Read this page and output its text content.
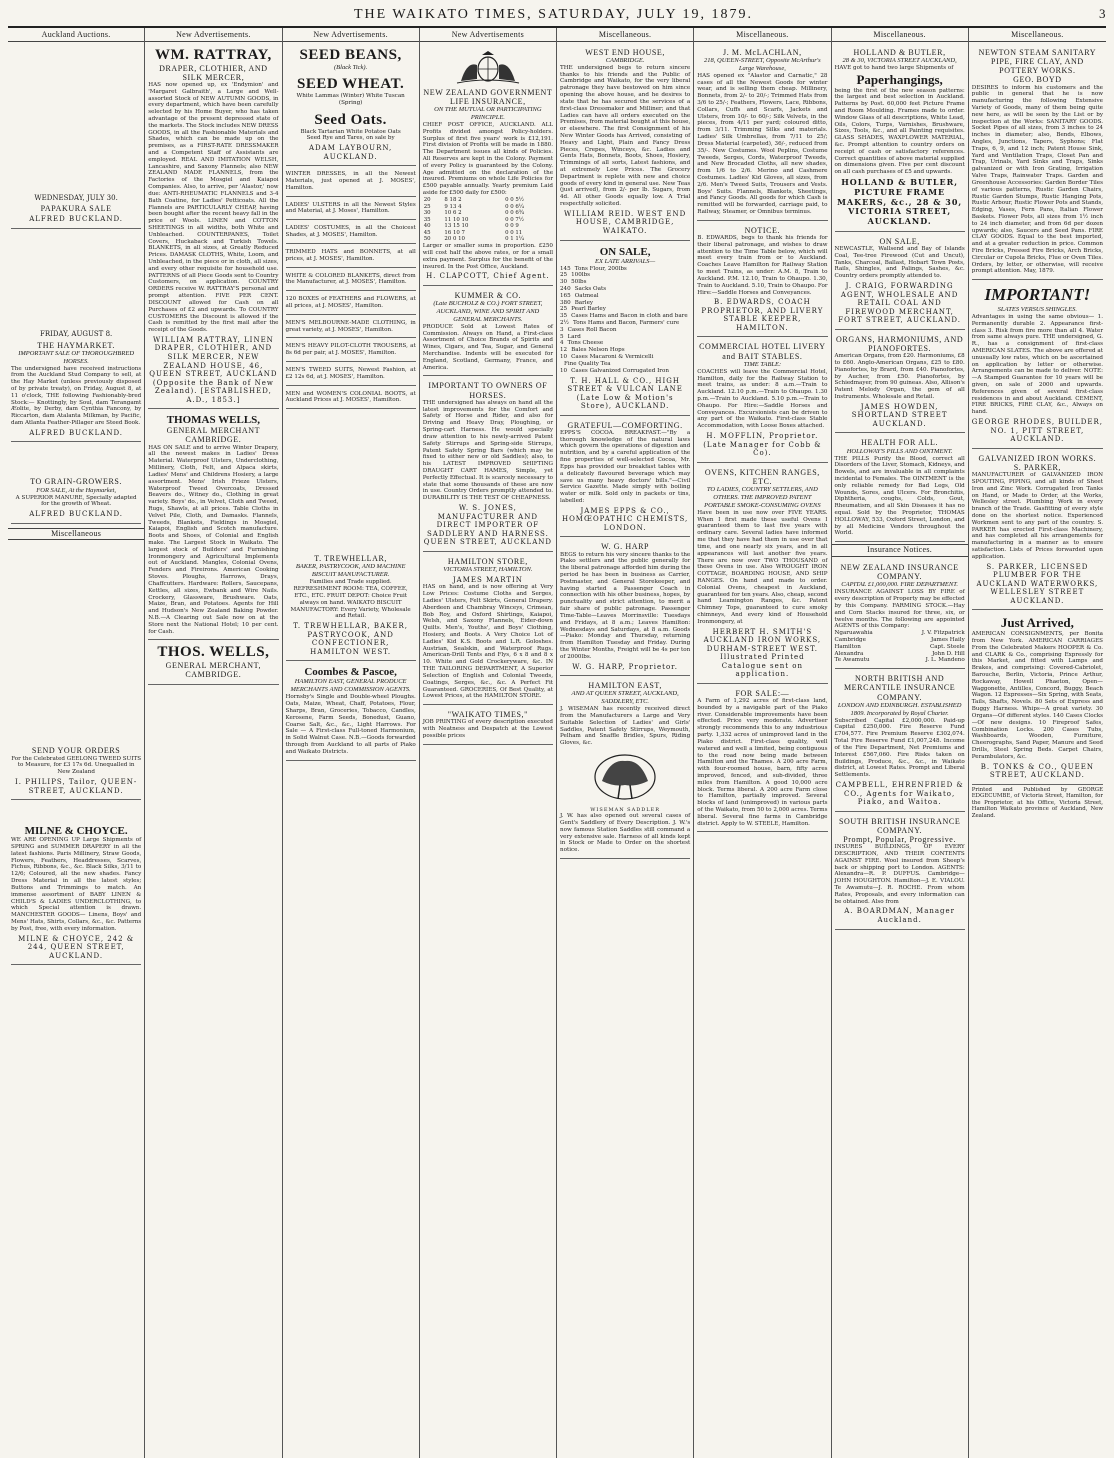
THE WAIKATO TIMES, SATURDAY, JULY 19, 1879.	3
Auckland Auctions.
WEDNESDAY, JULY 30.
PAPAKURA SALE
ALFRED BUCKLAND.
FRIDAY, AUGUST 8.
THE HAYMARKET.
IMPORTANT SALE OF THOROUGHBRED HORSES.
The undersigned have received instructions from the Auckland Stud Company to sell, at the Hay Market (unless previously disposed of by private treaty), on Friday, August 8, at 11 o'clock, THE following Fashionably-bred Stock:— Knottingly, by Soul, dam Terangamt Æolite, by Derby, dam Cynthia Fancony, by Riccarton, dam Atalanta Milkman, by Pacific, dam Atlanta Feather-Pillager are Steed Book.
ALFRED BUCKLAND.
TO GRAIN-GROWERS.
FOR SALE, At the Haymarket,
A SUPERIOR MANURE, Specially adapted for the growth of Wheat.
ALFRED BUCKLAND.
Miscellaneous
SEND YOUR ORDERS
For the Celebrated GEELONG TWEED SUITS to Measure, for £3 17s 6d. Unequalled in New Zealand
I. PHILIPS, Tailor, QUEEN-STREET, AUCKLAND.
MILNE & CHOYCE.
WE ARE OPENING UP Large Shipments of SPRING and SUMMER DRAPERY in all the latest fashions. Paris Millinery, Straw Goods, Flowers, Feathers, Headdresses, Scarves, Fichus, Ribbons, &c., &c. Black Silks, 3/11 to 12/6; Coloured, all the new shades. Fancy Dress Material in all the latest styles; Buttons and Trimmings to match. An immense assortment of BABY LINEN & CHILD'S & LADIES UNDERCLOTHING, to which Special attention is drawn. MANCHESTER GOODS— Linens, Boys' and Mens' Hats, Shirts, Collars, &c., &c. Patterns by Post, free, with every information.
MILNE & CHOYCE, 242 & 244, QUEEN STREET, AUCKLAND.
New Advertisements.
WM. RATTRAY,
DRAPER, CLOTHIER, AND SILK MERCER,
HAS now opened up, ex 'Endymion' and 'Margaret Galbraith', a Large and Well-assorted Stock of NEW AUTUMN GOODS, in every department, which have been carefully selected by his Home Buyer, who has taken advantage of the present depressed state of the markets. The Stock includes NEW DRESS GOODS, in all the Fashionable Materials and Shades, which can be made up on the premises, as a FIRST-RATE DRESSMAKER and a Competent Staff of Assistants are employed. REAL AND IMITATION WELSH, Lancashire, and Saxony Flannels; also NEW ZEALAND MADE FLANNELS, from the Factories of the Mosgiel and Kaiapoi Companies. Also, to arrive, per 'Alastor,' now due: ANTI-RHEUMATIC FLANNELS and 3-4 Bath Coatine, for Ladies' Petticoats. All the Flannels are PARTICULARLY CHEAP, having been bought after the recent heavy fall in the price of Wools. LINEN and COTTON SHEETINGS in all widths, both White and Unbleached. COUNTERPANES, Toilet Covers, Huckaback and Turkish Towels. BLANKETS, in all sizes, at Greatly Reduced Prices. DAMASK CLOTHS, White, Loom, and Unbleached, in the piece or in cloth, all sizes, and every other requisite for household use. PATTERNS of all Piece Goods sent to Country Customers, on application. COUNTRY ORDERS receive W. RATTRAY'S personal and prompt attention. FIVE PER CENT. DISCOUNT allowed for Cash on all Purchases of £2 and upwards. To COUNTRY CUSTOMERS the Discount is allowed if the Cash is remitted by the first mail after the receipt of the Goods.
WILLIAM RATTRAY, LINEN DRAPER, CLOTHIER, AND SILK MERCER, NEW ZEALAND HOUSE, 46, QUEEN STREET, AUCKLAND (Opposite the Bank of New Zealand). [ESTABLISHED, A.D., 1853.]
THOMAS WELLS,
GENERAL MERCHANT CAMBRIDGE.
HAS ON SALE and to arrive Winter Drapery, all the newest makes in Ladies' Dress Material. Waterproof Ulsters, Underclothing, Millinery, Cloth, Felt, and Alpaca skirts, Ladies' Mens' and Childrens Hosiery, a large assortment. Mens' Irish Frieze Ulsters, Waterproof Tweed Overcoats, Dressed Beavers do., Witney do., Clothing in great variety. Boys' do., in Velvet, Cloth and Tweed, Rugs, Shawls, at all prices. Table Cloths in Velvet Pile, Cloth, and Damasks. Flannels, Tweeds, Blankets, Fieldings in Mosgiel, Kaiapoi, English and Scotch manufacture. Boots and Shoes, of Colonial and English make. The Largest Stock in Waikato. The largest stock of Builders' and Furnishing Ironmongery and Agricultural Implements out of Auckland. Mangles, Colonial Ovens, Fenders and Fireirons. American Cooking Stoves. Ploughs, Harrows, Drays, Chaffcutters. Hardware: Rollers, Saucepans, Kettles, all sizes, Ewbank and Wire Nails. Crockery, Glassware, Brushware. Oats, Maize, Bran, and Potatoes. Agents for Hill and Hudson's New Zealand Baking Powder. N.B.—A Clearing out Sale now on at the Store next the National Hotel; 10 per cent. for Cash.
THOS. WELLS,
GENERAL MERCHANT, CAMBRIDGE.
New Advertisements.
SEED BEANS,
(Black Tick).
SEED WHEAT.
White Lammas (Winter) White Tuscan (Spring)
Seed Oats.
Black Tartarian White Potatoe Oats
Seed Rye and Tares, on sale by
ADAM LAYBOURN, AUCKLAND.
WINTER DRESSES, in all the Newest Materials, just opened at J. MOSES', Hamilton.
LADIES' ULSTERS in all the Newest Styles and Material, at J. Moses', Hamilton.
LADIES' COSTUMES, in all the Choicest Shades, at J. MOSES', Hamilton.
TRIMMED HATS and BONNETS, at all prices, at J. MOSES', Hamilton.
WHITE & COLORED BLANKETS, direct from the Manufacturer, at J. MOSES', Hamilton.
120 BOXES of FEATHERS and FLOWERS, at all prices, at J. MOSES', Hamilton.
MEN'S MELBOURNE-MADE CLOTHING, in great variety, at J. MOSES', Hamilton.
MEN'S HEAVY PILOT-CLOTH TROUSERS, at 8s 6d per pair, at J. MOSES', Hamilton.
MEN'S TWEED SUITS, Newest Fashion, at £2 12s 6d, at J. MOSES', Hamilton.
MEN and WOMEN'S COLONIAL BOOTS, at Auckland Prices at J. MOSES', Hamilton.
T. TREWHELLAR,
BAKER, PASTRYCOOK, AND MACHINE BISCUIT MANUFACTURER.
Families and Trade supplied. REFRESHMENT ROOM: TEA, COFFEE, ETC., ETC. FRUIT DEPOT: Choice Fruit always on hand. WAIKATO BISCUIT MANUFACTORY: Every Variety, Wholesale and Retail.
T. TREWHELLAR, BAKER, PASTRYCOOK, AND CONFECTIONER, HAMILTON WEST.
Coombes & Pascoe,
HAMILTON EAST, GENERAL PRODUCE MERCHANTS AND COMMISSION AGENTS.
Hornsby's Single and Double-wheel Ploughs. Oats, Maize, Wheat, Chaff, Potatoes, Flour, Sharps, Bran, Groceries, Tobacco, Candles, Kerosene, Farm Seeds, Bonedust, Guano, Coarse Salt, &c., &c., Light Harrows. For Sale — A First-class Full-toned Harmonium, in Solid Walnut Case. N.B.—Goods forwarded through from Auckland to all parts of Piako and Waikato Districts.
New Advertisements
NEW ZEALAND GOVERNMENT LIFE INSURANCE,
ON THE MUTUAL OR PARTICIPATING PRINCIPLE.
CHIEF POST OFFICE, AUCKLAND. ALL Profits divided amongst Policy-holders. Surplus of first five years' work is £12,191. First division of Profits will be made in 1880. The Department issues all kinds of Policies. All Reserves are kept in the Colony. Payment of every Policy is guaranteed by the Colony. Age admitted on the declaration of the insured. Premiums on whole Life Policies for £500 payable annually. Yearly premium Laid aside for £500 daily for £500:
20	8 18 2	0 0 5½
25	9 13 4	0 0 6¼
30	10 6 2	0 0 6¾
35	11 10 10	0 0 7½
40	13 15 10	0 0 9
45	16 10 7	0 0 11
50	20 0 10	0 1 1¼
Larger or smaller sums in proportion. £250 will cost half the above rates, or for a small extra payment. Surplus for the benefit of the insured. In the Post Office, Auckland.
H. CLAPCOTT, Chief Agent.
KUMMER & CO.
(Late BUCHOLZ & CO.) FORT STREET, AUCKLAND, WINE AND SPIRIT AND GENERAL MERCHANTS.
PRODUCE Sold at Lowest Rates of Commission. Always on Hand, a First-class Assortment of Choice Brands of Spirits and Wines, Cigars, and Tea, Sugar, and General Merchandise. Indents will be executed for England, Scotland, Germany, France, and America.
IMPORTANT TO OWNERS OF HORSES.
THE undersigned has always on hand all the latest improvements for the Comfort and Safety of Horse and Rider, and also for Driving and Heavy Dray, Ploughing, or Spring-cart Harness. He would specially draw attention to his newly-arrived Patent Safety Stirrups and Spring-side Stirrups, Patent Safety Spring Bars (which may be fixed to either new or old Saddles); also, to his LATEST IMPROVED SHIFTING DRAUGHT CART HAMES, Simple, yet Perfectly Effectual. It is scarcely necessary to state that some thousands of these are now in use. Country Orders promptly attended to. DURABILITY IS THE TEST OF CHEAPNESS.
W. S. JONES, MANUFACTURER AND DIRECT IMPORTER OF SADDLERY AND HARNESS. QUEEN STREET, AUCKLAND
HAMILTON STORE,
VICTORIA STREET, HAMILTON.
JAMES MARTIN
HAS on hand, and is now offering at Very Low Prices: Costume Cloths and Serges, Ladies' Ulsters, Felt Skirts, General Drapery. Aberdeen and Chambray Winceys, Crimean, Bob Roy, and Oxford Shirtings, Kaiapoi, Welsh, and Saxony Flannels, Eider-down Quilts. Men's, Youths', and Boys' Clothing, Hosiery, and Boots. A Very Choice Lot of Ladies' Kid K.S. Boots and L.R. Goloshes. Austrian, Sealskin, and Waterproof Rugs. American-Drill Tents and Flys, 6 x 8 and 8 x 10. White and Gold Crockeryware, &c. IN THE TAILORING DEPARTMENT, A Superior Selection of English and Colonial Tweeds, Coatings, Serges, &c., &c. A Perfect Fit Guaranteed. GROCERIES, Of Best Quality, at Lowest Prices, at the HAMILTON STORE.
"WAIKATO TIMES,"
JOB PRINTING of every description executed with Neatness and Despatch at the Lowest possible prices
Miscellaneous.
WEST END HOUSE,
CAMBRIDGE.
THE undersigned begs to return sincere thanks to his friends and the Public of Cambridge and Waikato, for the very liberal patronage they have bestowed on him since opening the above house, and he desires to state that he has secured the services of a first-class Dressmaker and Milliner; and that Ladies can have all orders executed on the Premises, from material bought at this house, or elsewhere. The first Consignment of his New Winter Goods has Arrived, consisting of Heavy and Light, Plain and Fancy Dress Pieces, Crepes, Winceys, &c. Ladies and Gents Hats, Bonnets, Boots, Shoes, Hosiery, Trimmings of all sorts, Latest fashions, and at extremely Low Prices. The Grocery Department is replete with new and choice goods of every kind in general use. New Teas (just arrived), from 2/- per lb. Sugars, from 4d. All other Goods equally low. A Trial respectfully solicited.
WILLIAM REID. WEST END HOUSE, CAMBRIDGE, WAIKATO.
ON SALE,
EX LATE ARRIVALS—
145 Tons Flour, 200lbs
25 100lbs
30 50lbs
240 Sacks Oats
165 Oatmeal
380 Barley
25 Pearl Barley
35 Cases Hams and Bacon in cloth and bare
2½ Tons Hams and Bacon, Farmers' cure
3 Cases Roll Bacon
5 Lard
4 Tons Cheese
12 Bales Nelson Hops
10 Cases Macaroni & Vermicelli
Fine Quality Tea
10 Cases Galvanized Corrugated Iron
T. H. HALL & CO., HIGH STREET & VULCAN LANE (Late Low & Motion's Store), AUCKLAND.
GRATEFUL—COMFORTING.
EPPS'S COCOA. BREAKFAST.—"By a thorough knowledge of the natural laws which govern the operations of digestion and nutrition, and by a careful application of the fine properties of well-selected Cocoa, Mr. Epps has provided our breakfast tables with a delicately flavoured beverage which may save us many heavy doctors' bills."—Civil Service Gazette. Made simply with boiling water or milk. Sold only in packets or tins, labelled:
JAMES EPPS & CO., HOMŒOPATHIC CHEMISTS, LONDON.
W. G. HARP
BEGS to return his very sincere thanks to the Piako settlers and the public generally for the liberal patronage afforded him during the period he has been in business as Carrier, Postmaster, and General Storekeeper, and having started a Passenger Coach in connection with his other business, hopes, by punctuality and strict attention, to merit a fair share of public patronage. Passenger Time-Table—Leaves Morrinsville: Tuesdays and Fridays, at 8 a.m.; Leaves Hamilton: Wednesdays and Saturdays, at 8 a.m. Goods—Piako: Monday and Thursday, returning from Hamilton Tuesday and Friday. During the Winter Months, Freight will be 4s per ton of 2000lbs.
W. G. HARP, Proprietor.
HAMILTON EAST,
AND AT QUEEN STREET, AUCKLAND, SADDLERY, ETC.
J. WISEMAN has recently received direct from the Manufacturers a Large and Very Suitable Selection of Ladies' and Girls' Saddles, Patent Safety Stirrups, Weymouth, Pelham and Snaffle Bridles, Spurs, Riding Gloves, &c.
WISEMAN SADDLER
J. W. has also opened out several cases of Gent's Saddlery of Every Description. J. W.'s now famous Station Saddles still command a very extensive sale. Harness of all kinds kept in Stock or Made to Order on the shortest notice.
Miscellaneous.
J. M. McLACHLAN,
218, QUEEN-STREET, Opposite McArthur's Large Warehouse,
HAS opened ex "Alastor and Carnatic," 28 cases of all the Newest Goods for winter wear, and is selling them cheap. Millinery, Bonnets, from 2/- to 20/-; Trimmed Hats from 3/6 to 25/-; Feathers, Flowers, Lace, Ribbons, Collars, Cuffs and Scarfs, Jackets and Ulsters, from 10/- to 60/-; Silk Velvets, in the pieces, from 4/11 per yard; coloured ditto, from 3/11. Trimming Silks and materials. Ladies' Silk Umbrellas, from 7/11 to 25/; Dress Material (carpeted), 36/-, reduced from 35/-. New Costumes. Wool Peplins, Costume Tweeds, Serges, Cords, Waterproof Tweeds, and New Brocaded Cloths, all new shades, from 1/6 to 2/6. Merino and Cashmere Costumes. Ladies' Kid Gloves, all sizes, from 2/6. Men's Tweed Suits, Trousers and Vests. Boys' Suits. Flannels, Blankets, Sheetings, and Fancy Goods. All goods for which Cash is remitted will be forwarded, carriage paid, to Railway, Steamer, or Omnibus terminus.
NOTICE.
B. EDWARDS, begs to thank his friends for their liberal patronage, and wishes to draw attention to the Time Table below, which will meet every train from or to Auckland. Coaches Leave Hamilton for Railway Station to meet Trains, as under: A.M. 8, Train to Auckland. P.M. 12.10, Train to Ohaupo. 1.30, Train to Auckland. 5.10, Train to Ohaupo. For Hire:—Saddle Horses and Conveyances.
B. EDWARDS, COACH PROPRIETOR, AND LIVERY STABLE KEEPER, HAMILTON.
COMMERCIAL HOTEL LIVERY and BAIT STABLES.
TIME TABLE:
COACHES will leave the Commercial Hotel, Hamilton, daily for the Railway Station to meet trains, as under: 8 a.m.—Train to Auckland. 12.10 p.m.—Train to Ohaupo. 1.30 p.m.—Train to Auckland. 5.10 p.m.—Train to Ohaupo. For Hire:—Saddle Horses and Conveyances. Excursionists can be driven to any part of the Waikato. First-class Stable Accommodation, with Loose Boxes attached.
H. MOFFLIN, Proprietor. (Late Manager for Cobb & Co).
OVENS, KITCHEN RANGES, ETC.
TO LADIES, COUNTRY SETTLERS, AND OTHERS. THE IMPROVED PATENT PORTABLE SMOKE-CONSUMING OVENS
Have been in use now over FIVE YEARS. When I first made these useful Ovens I guaranteed them to last five years with ordinary care. Several ladies have informed me that they have had them in use over that time, and one nearly six years, and in all appearances will last another five years. There are now over TWO THOUSAND of these Ovens in use. Also WROUGHT IRON COTTAGE, BOARDING HOUSE, AND SHIP RANGES. On hand and made to order. Colonial Ovens, cheapest in Auckland, guaranteed for ten years. Also, cheap, second hand Leamington Ranges, &c. Patent Chimney Tops, guaranteed to cure smoky chimneys, And every kind of Household Ironmongery, at
HERBERT H. SMITH'S AUCKLAND IRON WORKS, DURHAM-STREET WEST. Illustrated Printed Catalogue sent on application.
FOR SALE:—
A Farm of 1,292 acres of first-class land, bounded by a navigable part of the Piako river. Considerable improvements have been effected. Price very moderate. Advertiser strongly recommends this to any industrious party. 1,332 acres of unimproved land in the Piako district. First-class quality, well watered and well a limited, being contiguous to the road now being made between Hamilton and the Thames. A 200 acre Farm, with four-roomed house, barn, fifty acres improved, fenced, and sub-divided, three miles from Hamilton. A good 10,000 acre block. Terms liberal. A 200 acre Farm close to Hamilton, partially improved. Several blocks of land (unimproved) in various parts of the Waikato, from 50 to 2,000 acres. Terms liberal. Several fine farms in Cambridge district. Apply to W. STEELE, Hamilton.
Miscellaneous.
HOLLAND & BUTLER,
28 & 30, VICTORIA STREET AUCKLAND,
HAVE got to hand two large Shipments of
Paperhangings,
being the first of the new season patterns: the largest and best selection in Auckland. Patterns by Post. 60,000 feet Picture Frame and Room Moulding. Frames made to order. Window Glass of all descriptions, White Lead, Oils, Colors, Turps, Varnishes, Brushware, Sizes, Tools, &c., and all Painting requisites. GLASS SHADES, WAXFLOWER MATERIAL, &c. Prompt attention to country orders on receipt of cash or satisfactory references. Correct quantities of above material supplied on dimensions given. Five per cent discount on all cash purchases of £5 and upwards.
HOLLAND & BUTLER, PICTURE FRAME MAKERS, &c., 28 & 30, VICTORIA STREET, AUCKLAND.
ON SALE,
NEWCASTLE, Wallsend and Bay of Islands Coal, Tee-tree Firewood (Cut and Uncut), Tanks, Charcoal, Ballast, Hobart Town Posts, Rails, Shingles, and Palings, Sashes, &c. Country orders promptly attended to.
J. CRAIG, FORWARDING AGENT, WHOLESALE AND RETAIL COAL AND FIREWOOD MERCHANT, FORT STREET, AUCKLAND.
ORGANS, HARMONIUMS, AND PIANOFORTES.
American Organs, from £20. Harmoniums, £8 to £60. Anglo-American Organs, £25 to £80. Pianofortes, by Brard, from £40. Pianofortes, by Aucher, from £50. Pianofortes, by Schiedmayer, from 90 guineas. Also, Allison's Patent Melody Organ, the gem of all Instruments. Wholesale and Retail.
JAMES HOWDEN, SHORTLAND STREET AUCKLAND.
HEALTH FOR ALL.
HOLLOWAY'S PILLS AND OINTMENT.
THE PILLS Purify the Blood, correct all Disorders of the Liver, Stomach, Kidneys, and Bowels, and are invaluable in all complaints incidental to Females. The OINTMENT is the only reliable remedy for Bad Legs, Old Wounds, Sores, and Ulcers. For Bronchitis, Diphtheria, coughs, Colds, Gout, Rheumatism, and all Skin Diseases it has no equal. Sold by the Proprietor, THOMAS HOLLOWAY, 533, Oxford Street, London, and by all Medicine Vendors throughout the World.
Insurance Notices.
NEW ZEALAND INSURANCE COMPANY.
CAPITAL £1,000,000. FIRE DEPARTMENT.
INSURANCE AGAINST LOSS BY FIRE of every description of Property may be effected by this Company. FARMING STOCK.—Hay and Corn Stacks insured for three, six, or twelve months. The following are appointed AGENTS of this Company:
Ngaruawahia	J. V. Fitzpatrick
Cambridge	James Haily
Hamilton	Capt. Steele
Alexandra	John D. Hill
Te Awamutu	J. L. Mandeno
NORTH BRITISH AND MERCANTILE INSURANCE COMPANY.
LONDON AND EDINBURGH. ESTABLISHED 1809. Incorporated by Royal Charter.
Subscribed Capital £2,000,000. Paid-up Capital £250,000. Fire Reserve Fund £704,577. Fire Premium Reserve £302,074. Total Fire Reserve Fund £1,007,248. Income of the Fire Department, Net Premiums and Interest £567,060. Fire Risks taken on Buildings, Produce, &c., &c., in Waikato district, at Lowest Rates. Prompt and Liberal Settlements.
CAMPBELL, EHRENFRIED & CO., Agents for Waikato, Piako, and Waitoa.
SOUTH BRITISH INSURANCE COMPANY.
Prompt, Popular, Progressive.
INSURES BUILDINGS, OF EVERY DESCRIPTION, AND THEIR CONTENTS AGAINST FIRE. Wool insured from Sheep's back or shipping port to London. AGENTS: Alexandra—R. P. DUFFUS. Cambridge—JOHN HOUGHTON. Hamilton—J. E. VIALOU. Te Awamutu—J. R. ROCHE. From whom Rates, Proposals, and every information can be obtained. Also from
A. BOARDMAN, Manager Auckland.
Miscellaneous.
NEWTON STEAM SANITARY PIPE, FIRE CLAY, AND POTTERY WORKS.
GEO. BOYD
DESIRES to inform his customers and the public in general that he is now manufacturing the following Extensive Variety of Goods, many of them being quite new here, as will be seen by the List or by inspection at the Works: SANITARY GOODS. Socket Pipes of all sizes, from 3 inches to 24 inches in diameter; also, Bends, Elbows, Angles, Junctions, Tapers, Syphons; Flat Traps, 6, 9, and 12 inch; Patent House Sink, Yard and Ventilation Traps, Closet Pan and Trap, Urinals, Yard Sinks and Traps, Sinks galvanized or with Iron Grating, Irrigation Valve Traps, Rainwater Traps. Garden and Greenhouse Accessories: Garden Border Tiles of various patterns, Rustic Garden Chairs, Rustic Garden Stumps, Rustic Hanging Pots, Rustic Arbour, Rustic Flower Pots and Stands, Edging, Vases, Fern Pans, Italian Flower Baskets. Flower Pots, all sizes from 1½ inch to 24 inch diameter, and from 6d per dozen upwards; also, Saucers and Seed Pans. FIRE CLAY GOODS. Equal to the best imported, and at a greater reduction in price. Common Fire Bricks, Pressed Fire Bricks, Arch Bricks, Circular or Cupola Bricks, Flue or Oven Tiles. Orders, by letter, or otherwise, will receive prompt attention. May, 1879.
IMPORTANT!
SLATES VERSUS SHINGLES.
Advantages in using the same obvious— 1. Permanently durable 2. Appearance first-class 3. Risk from fire more than all 4. Water from same always pure. THE undersigned, G. R., has a consignment of first-class AMERICAN SLATES. The above are offered at unusually low rates, which on be ascertained on application by letter or otherwise. Arrangements can be made to deliver. NOTE:—A Stamped Guarantee for 10 years will be given, on sale of 2000 and upwards. References given of several first-class residences in and about Auckland. CEMENT, FIRE BRICKS, FIRE CLAY, &c., Always on hand.
GEORGE RHODES, BUILDER, NO. 1, PITT STREET, AUCKLAND.
GALVANIZED IRON WORKS.
S. PARKER,
MANUFACTURER of GALVANIZED IRON SPOUTING, PIPING, and all kinds of Sheet Iron and Zinc Work. Corrugated Iron Tanks on Hand, or Made to Order, at the Works, Wellesley street. Plumbing Work in every branch of the Trade. Gasfitting of every style done on the shortest notice. Experienced Workmen sent to any part of the country. S. PARKER has erected First-class Machinery, and has completed all his arrangements for manufacturing in a manner as to ensure satisfaction. Lists of Prices forwarded upon application.
S. PARKER, LICENSED PLUMBER FOR THE AUCKLAND WATERWORKS, WELLESLEY STREET AUCKLAND.
Just Arrived,
AMERICAN CONSIGNMENTS, per Bonita from New York. AMERICAN CARRIAGES From the Celebrated Makers HOOPER & Co. and CLARK & Co., comprising Expressly for this Market, and fitted with Lamps and Brakes, and comprising: Covered-Cabriolet, Barouche, Berlin, Victoria, Prince Arthur, Rockaway, Howell Phaeton, Open—Waggonette, Antilles, Concord, Buggy, Beach Wagon. 12 Expresses—Six Spring, with Seats, Tails, Shafts, Novels. 80 Sets of Express and Buggy Harness. Whips—A great variety. 30 Organs—Of different styles. 140 Cases Clocks—Of new designs. 10 Fireproof Safes, Combination Locks. 200 Cases Tubs, Washboards, Wooden, Furniture, Cheerographs, Sand Paper, Manure and Seed Drills, Steel Spring Beds. Carpet Chairs, Perambulators, &c.
B. TONKS & CO., QUEEN STREET, AUCKLAND.
Printed and Published by GEORGE EDGECUMBE, of Victoria Street, Hamilton, for the Proprietor, at his Office, Victoria Street, Hamilton Waikato province of Auckland, New Zealand.
